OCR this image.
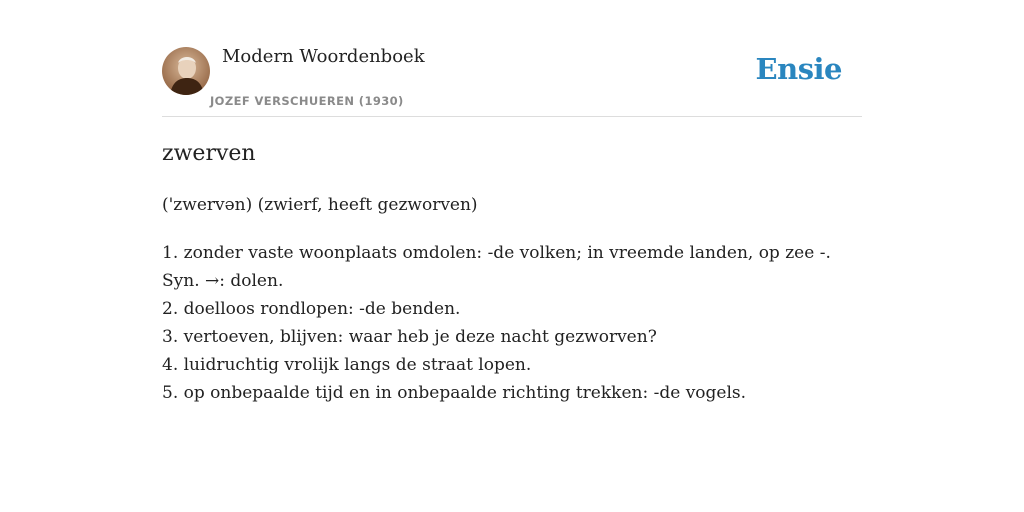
Modern Woordenboek
JOZEF VERSCHUEREN (1930)
Ensie
zwerven
('zwervən) (zwierf, heeft gezworven)
1. zonder vaste woonplaats omdolen: -de volken; in vreemde landen, op zee -. Syn. →: dolen.
2. doelloos rondlopen: -de benden.
3. vertoeven, blijven: waar heb je deze nacht gezworven?
4. luidruchtig vrolijk langs de straat lopen.
5. op onbepaalde tijd en in onbepaalde richting trekken: -de vogels.
